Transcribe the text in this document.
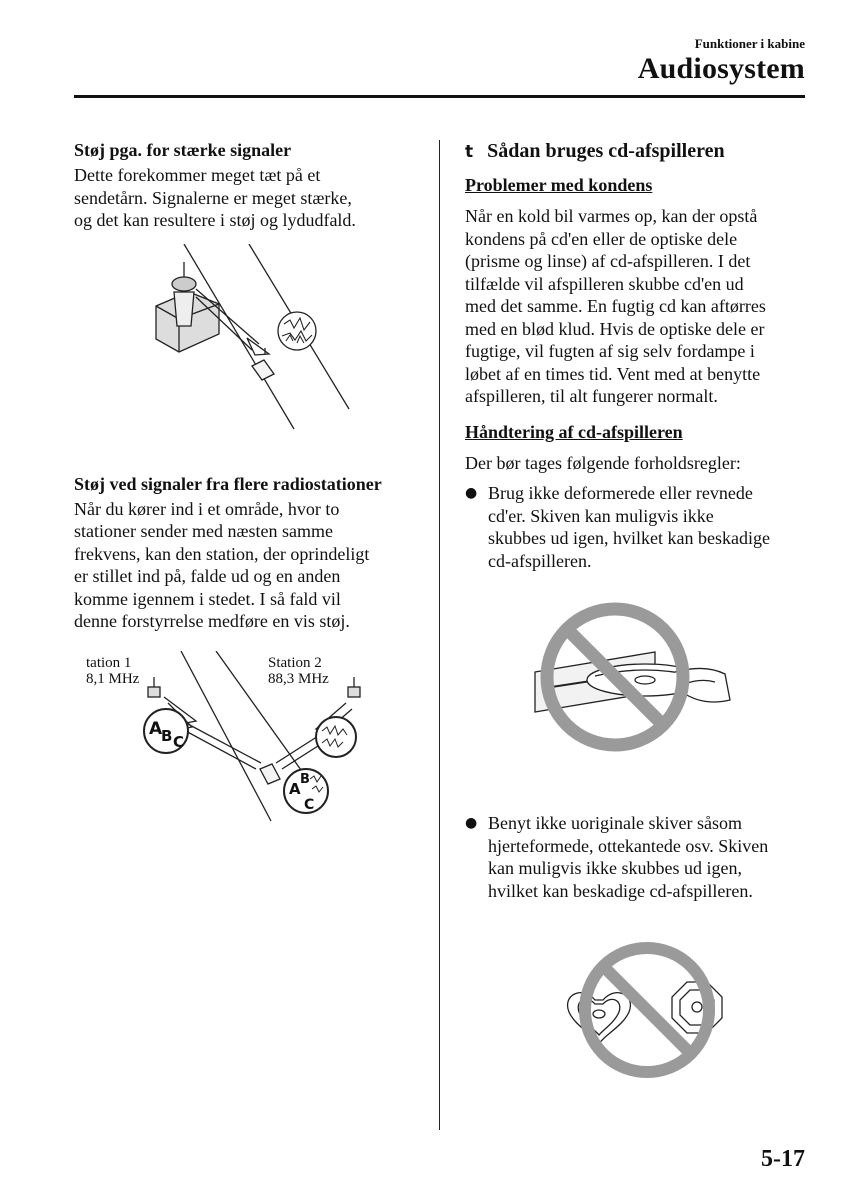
Funktioner i kabine
Audiosystem
Støj pga. for stærke signaler

Dette forekommer meget tæt på et
sendetårn. Signalerne er meget stærke,
og det kan resultere i støj og lydudfald.

Støj ved signaler fra flere radiostationer

Når du kører ind i et område, hvor to
stationer sender med næsten samme
frekvens, kan den station, der oprindeligt
er stillet ind på, falde ud og en anden
komme igennem i stedet. I så fald vil
denne forstyrrelse medføre en vis støj.

tation 1
8,1 MHz
Station 2
88,3 MHz
A
B C
A
B
C
t Sådan bruges cd-afspilleren
Problemer med kondens

Når en kold bil varmes op, kan der opstå
kondens på cd'en eller de optiske dele
(prisme og linse) af cd-afspilleren. I det
tilfælde vil afspilleren skubbe cd'en ud
med det samme. En fugtig cd kan aftørres
med en blød klud. Hvis de optiske dele er
fugtige, vil fugten af sig selv fordampe i
løbet af en times tid. Vent med at benytte
afspilleren, til alt fungerer normalt.

Håndtering af cd-afspilleren

Der bør tages følgende forholdsregler:

● Brug ikke deformerede eller revnede
cd'er. Skiven kan muligvis ikke
skubbes ud igen, hvilket kan beskadige
cd-afspilleren.
● Benyt ikke uoriginale skiver såsom
hjerteformede, ottekantede osv. Skiven
kan muligvis ikke skubbes ud igen,
hvilket kan beskadige cd-afspilleren.
5-17
